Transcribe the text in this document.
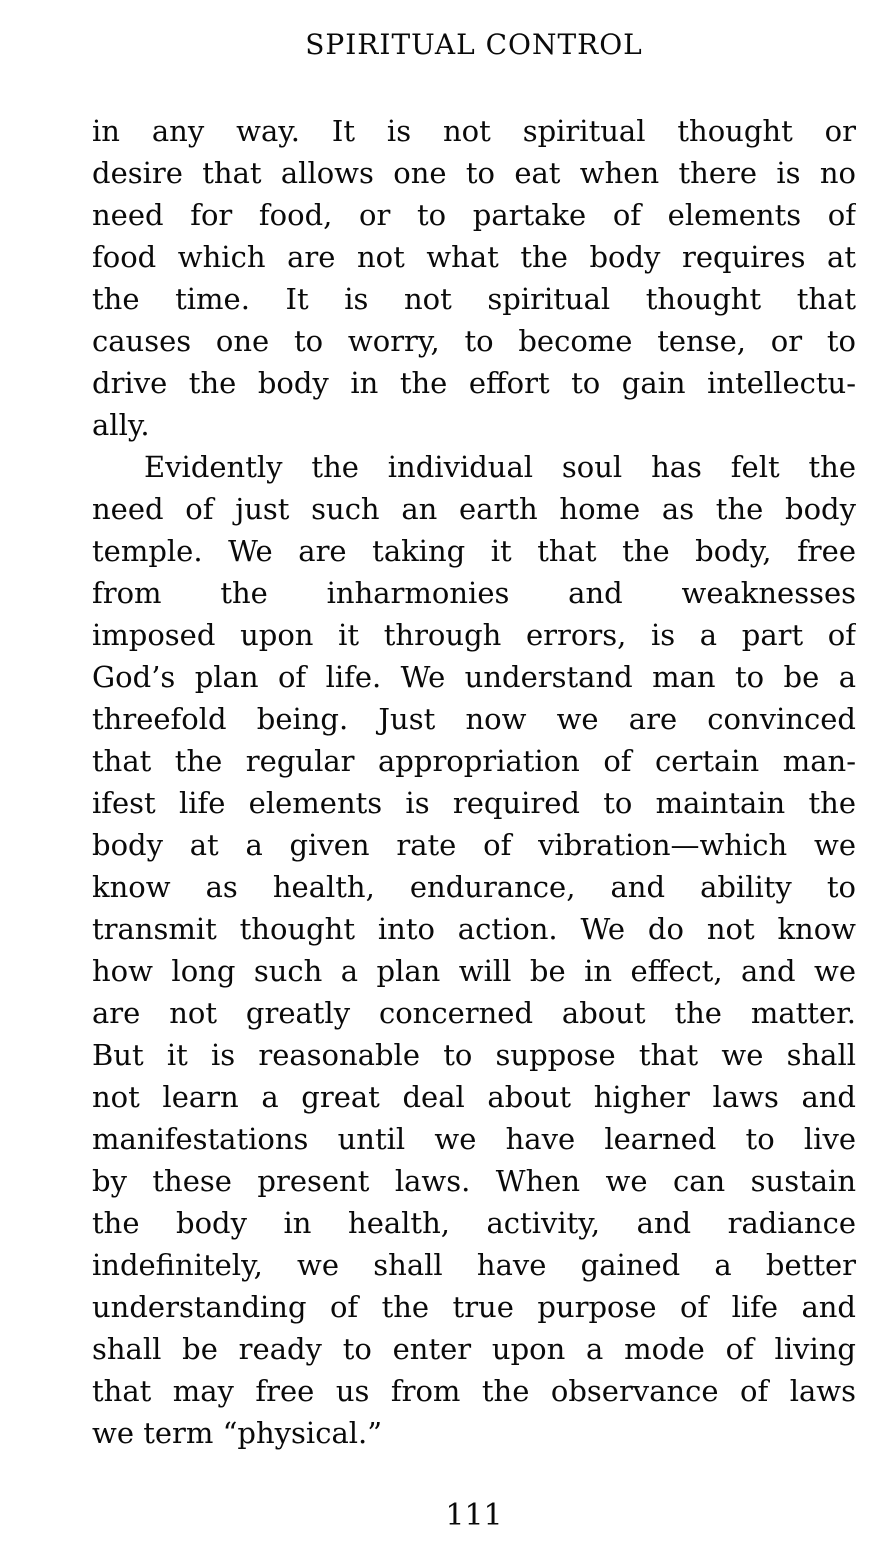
SPIRITUAL CONTROL
in any way. It is not spiritual thought or
desire that allows one to eat when there is no
need for food, or to partake of elements of
food which are not what the body requires at
the time. It is not spiritual thought that
causes one to worry, to become tense, or to
drive the body in the effort to gain intellectu-
ally.
Evidently the individual soul has felt the
need of just such an earth home as the body
temple. We are taking it that the body, free
from the inharmonies and weaknesses
imposed upon it through errors, is a part of
God’s plan of life. We understand man to be a
threefold being. Just now we are convinced
that the regular appropriation of certain man-
ifest life elements is required to maintain the
body at a given rate of vibration—which we
know as health, endurance, and ability to
transmit thought into action. We do not know
how long such a plan will be in effect, and we
are not greatly concerned about the matter.
But it is reasonable to suppose that we shall
not learn a great deal about higher laws and
manifestations until we have learned to live
by these present laws. When we can sustain
the body in health, activity, and radiance
indefinitely, we shall have gained a better
understanding of the true purpose of life and
shall be ready to enter upon a mode of living
that may free us from the observance of laws
we term “physical.”
111
